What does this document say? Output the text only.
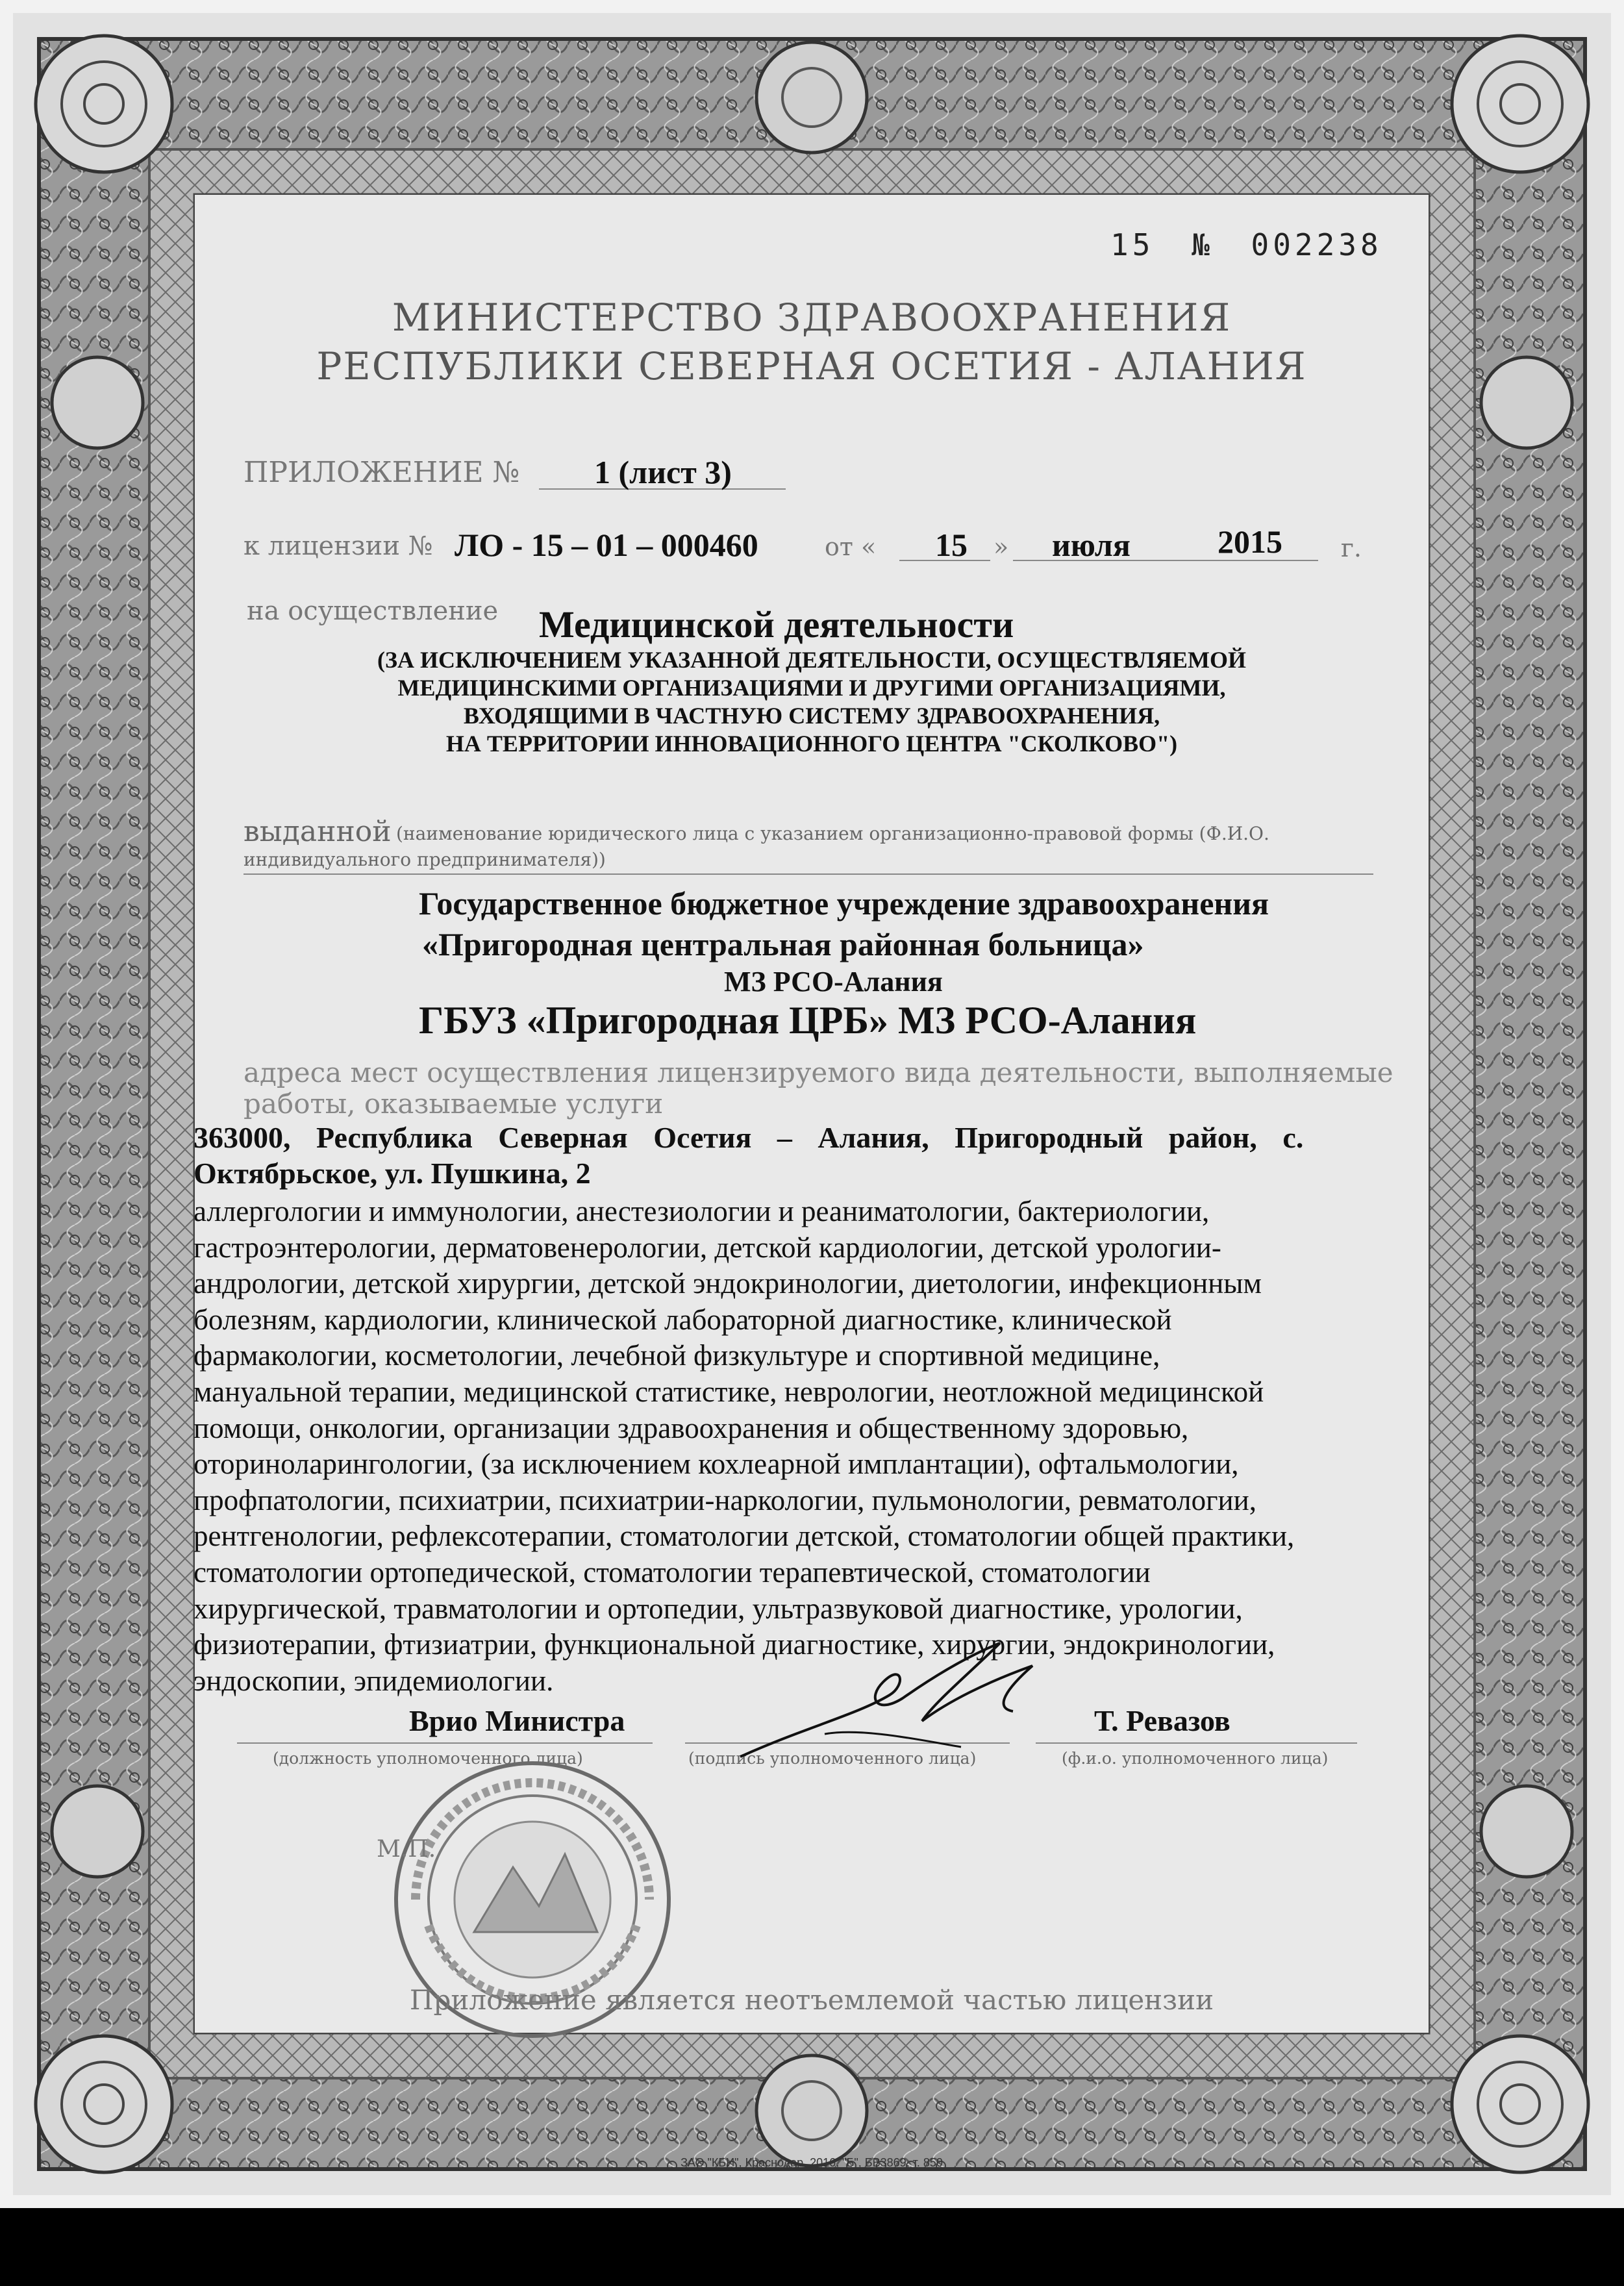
15 № 002238
МИНИСТЕРСТВО ЗДРАВООХРАНЕНИЯ
РЕСПУБЛИКИ СЕВЕРНАЯ ОСЕТИЯ - АЛАНИЯ
ПРИЛОЖЕНИЕ № 1 (лист 3)
к лицензии № ЛО - 15 – 01 – 000460	от « 15 » июля	2015 г.
на осуществление Медицинской деятельности
(ЗА ИСКЛЮЧЕНИЕМ УКАЗАННОЙ ДЕЯТЕЛЬНОСТИ, ОСУЩЕСТВЛЯЕМОЙ
МЕДИЦИНСКИМИ ОРГАНИЗАЦИЯМИ И ДРУГИМИ ОРГАНИЗАЦИЯМИ,
ВХОДЯЩИМИ В ЧАСТНУЮ СИСТЕМУ ЗДРАВООХРАНЕНИЯ,
НА ТЕРРИТОРИИ ИННОВАЦИОННОГО ЦЕНТРА "СКОЛКОВО")
выданной (наименование юридического лица с указанием организационно-правовой формы (Ф.И.О.
индивидуального предпринимателя))
Государственное бюджетное учреждение здравоохранения
«Пригородная центральная районная больница»
МЗ РСО-Алания
ГБУЗ «Пригородная ЦРБ» МЗ РСО-Алания
адреса мест осуществления лицензируемого вида деятельности, выполняемые
работы, оказываемые услуги
363000, Республика Северная Осетия – Алания, Пригородный район, с.
Октябрьское, ул. Пушкина, 2
аллергологии и иммунологии, анестезиологии и реаниматологии, бактериологии,
гастроэнтерологии, дерматовенерологии, детской кардиологии, детской урологии-
андрологии, детской хирургии, детской эндокринологии, диетологии, инфекционным
болезням, кардиологии, клинической лабораторной диагностике, клинической
фармакологии, косметологии, лечебной физкультуре и спортивной медицине,
мануальной терапии, медицинской статистике, неврологии, неотложной медицинской
помощи, онкологии, организации здравоохранения и общественному здоровью,
оториноларингологии, (за исключением кохлеарной имплантации), офтальмологии,
профпатологии, психиатрии, психиатрии-наркологии, пульмонологии, ревматологии,
рентгенологии, рефлексотерапии, стоматологии детской, стоматологии общей практики,
стоматологии ортопедической, стоматологии терапевтической, стоматологии
хирургической, травматологии и ортопедии, ультразвуковой диагностике, урологии,
физиотерапии, фтизиатрии, функциональной диагностике, хирургии, эндокринологии,
эндоскопии, эпидемиологии.
Врио Министра	Т. Ревазов
(должность уполномоченного лица)	(подпись уполномоченного лица)	(ф.и.о. уполномоченного лица)
М.П.
Приложение является неотъемлемой частью лицензии
ЗАО "КБИ", Краснодар, 2016, "Б", БВ3869, т. 850
